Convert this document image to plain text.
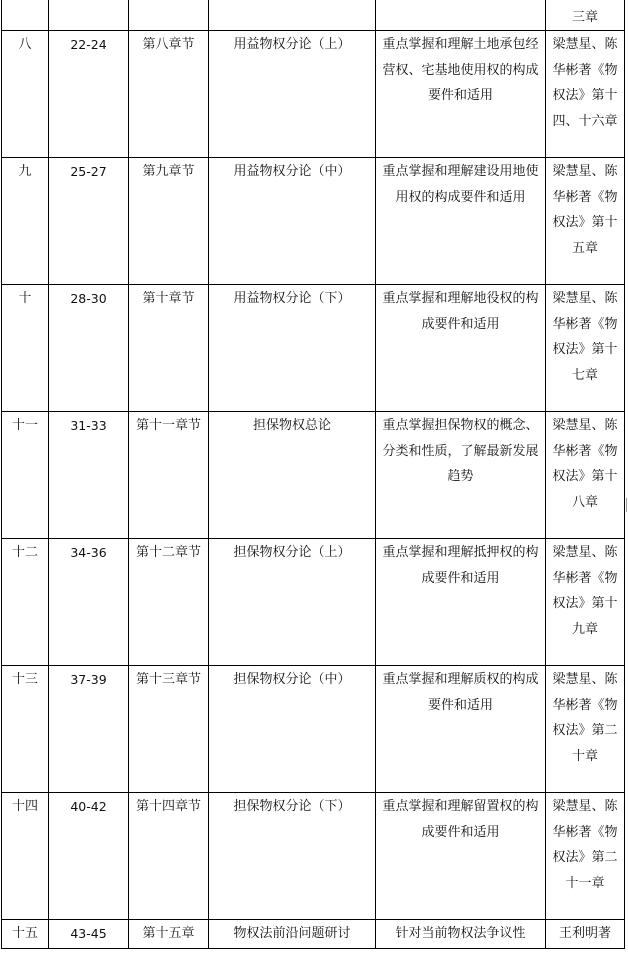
					三章

八	22-24	第八章节	用益物权分论（上）	重点掌握和理解土地承包经营权、宅基地使用权的构成要件和适用	梁慧星、陈华彬著《物权法》第十四、十六章

九	25-27	第九章节	用益物权分论（中）	重点掌握和理解建设用地使用权的构成要件和适用	梁慧星、陈华彬著《物权法》第十五章

十	28-30	第十章节	用益物权分论（下）	重点掌握和理解地役权的构成要件和适用	梁慧星、陈华彬著《物权法》第十七章

十一	31-33	第十一章节	担保物权总论	重点掌握担保物权的概念、分类和性质，了解最新发展趋势	梁慧星、陈华彬著《物权法》第十八章

十二	34-36	第十二章节	担保物权分论（上）	重点掌握和理解抵押权的构成要件和适用	梁慧星、陈华彬著《物权法》第十九章

十三	37-39	第十三章节	担保物权分论（中）	重点掌握和理解质权的构成要件和适用	梁慧星、陈华彬著《物权法》第二十章

十四	40-42	第十四章节	担保物权分论（下）	重点掌握和理解留置权的构成要件和适用	梁慧星、陈华彬著《物权法》第二十一章

十五	43-45	第十五章	物权法前沿问题研讨	针对当前物权法争议性	王利明著
